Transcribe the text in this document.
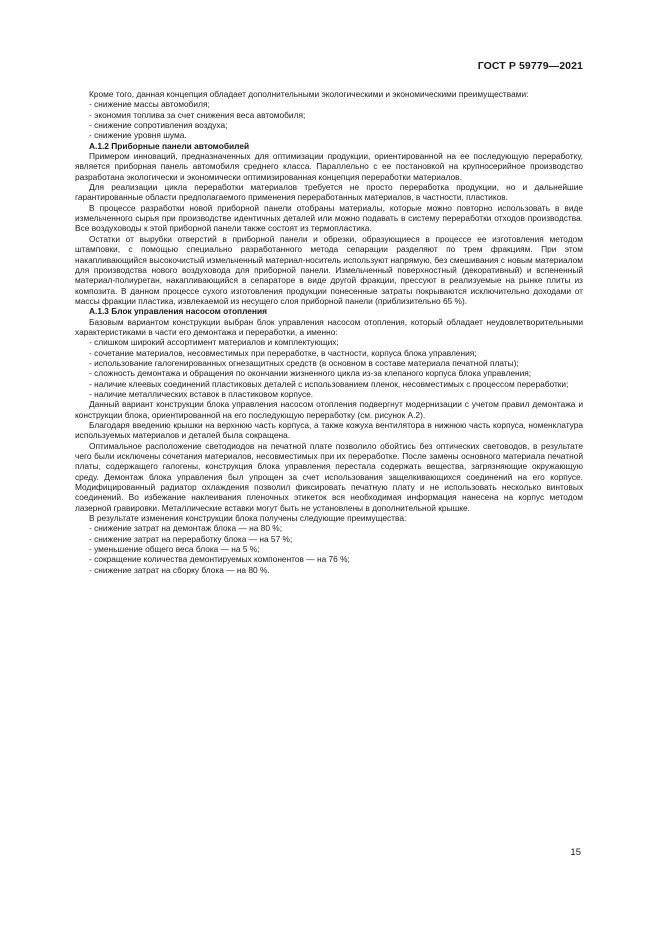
ГОСТ Р 59779—2021

Кроме того, данная концепция обладает дополнительными экологическими и экономическими преимуществами:

- снижение массы автомобиля;

- экономия топлива за счет снижения веса автомобиля;

- снижение сопротивления воздуха;

- снижение уровня шума.

А.1.2 Приборные панели автомобилей

Примером инноваций, предназначенных для оптимизации продукции, ориентированной на ее последующую переработку, является приборная панель автомобиля среднего класса. Параллельно с ее постановкой на крупносерийное производство разработана экологически и экономически оптимизированная концепция переработки материалов.

Для реализации цикла переработки материалов требуется не просто переработка продукции, но и дальнейшие гарантированные области предполагаемого применения переработанных материалов, в частности, пластиков.

В процессе разработки новой приборной панели отобраны материалы, которые можно повторно использовать в виде измельченного сырья при производстве идентичных деталей или можно подавать в систему переработки отходов производства. Все воздуховоды к этой приборной панели также состоят из термопластика.

Остатки от вырубки отверстий в приборной панели и обрезки, образующиеся в процессе ее изготовления методом штамповки, с помощью специально разработанного метода сепарации разделяют по трем фракциям. При этом накапливающийся высокочистый измельченный материал-носитель используют напрямую, без смешивания с новым материалом для производства нового воздуховода для приборной панели. Измельченный поверхностный (декоративный) и вспененный материал-полиуретан, накапливающийся в сепараторе в виде другой фракции, прессуют в реализуемые на рынке плиты из композита. В данном процессе сухого изготовления продукции понесенные затраты покрываются исключительно доходами от массы фракции пластика, извлекаемой из несущего слоя приборной панели (приблизительно 65 %).

А.1.3 Блок управления насосом отопления

Базовым вариантом конструкции выбран блок управления насосом отопления, который обладает неудовлетворительными характеристиками в части его демонтажа и переработки, а именно:

- слишком широкий ассортимент материалов и комплектующих;

- сочетание материалов, несовместимых при переработке, в частности, корпуса блока управления;

- использование галогенированных огнезащитных средств (в основном в составе материала печатной платы);

- сложность демонтажа и обращения по окончании жизненного цикла из-за клепаного корпуса блока управления;

- наличие клеевых соединений пластиковых деталей с использованием пленок, несовместимых с процессом переработки;

- наличие металлических вставок в пластиковом корпусе.

Данный вариант конструкции блока управления насосом отопления подвергнут модернизации с учетом правил демонтажа и конструкции блока, ориентированной на его последующую переработку (см. рисунок А.2).

Благодаря введению крышки на верхнюю часть корпуса, а также кожуха вентилятора в нижнюю часть корпуса, номенклатура используемых материалов и деталей была сокращена.

Оптимальное расположение светодиодов на печатной плате позволило обойтись без оптических световодов, в результате чего были исключены сочетания материалов, несовместимых при их переработке. После замены основного материала печатной платы, содержащего галогены, конструкция блока управления перестала содержать вещества, загрязняющие окружающую среду. Демонтаж блока управления был упрощен за счет использования защелкивающихся соединений на его корпусе. Модифицированный радиатор охлаждения позволил фиксировать печатную плату и не использовать несколько винтовых соединений. Во избежание наклеивания пленочных этикеток вся необходимая информация нанесена на корпус методом лазерной гравировки. Металлические вставки могут быть не установлены в дополнительной крышке.

В результате изменения конструкции блока получены следующие преимущества:

- снижение затрат на демонтаж блока — на 80 %;

- снижение затрат на переработку блока — на 57 %;

- уменьшение общего веса блока — на 5 %;

- сокращение количества демонтируемых компонентов — на 76 %;

- снижение затрат на сборку блока — на 80 %.

15
